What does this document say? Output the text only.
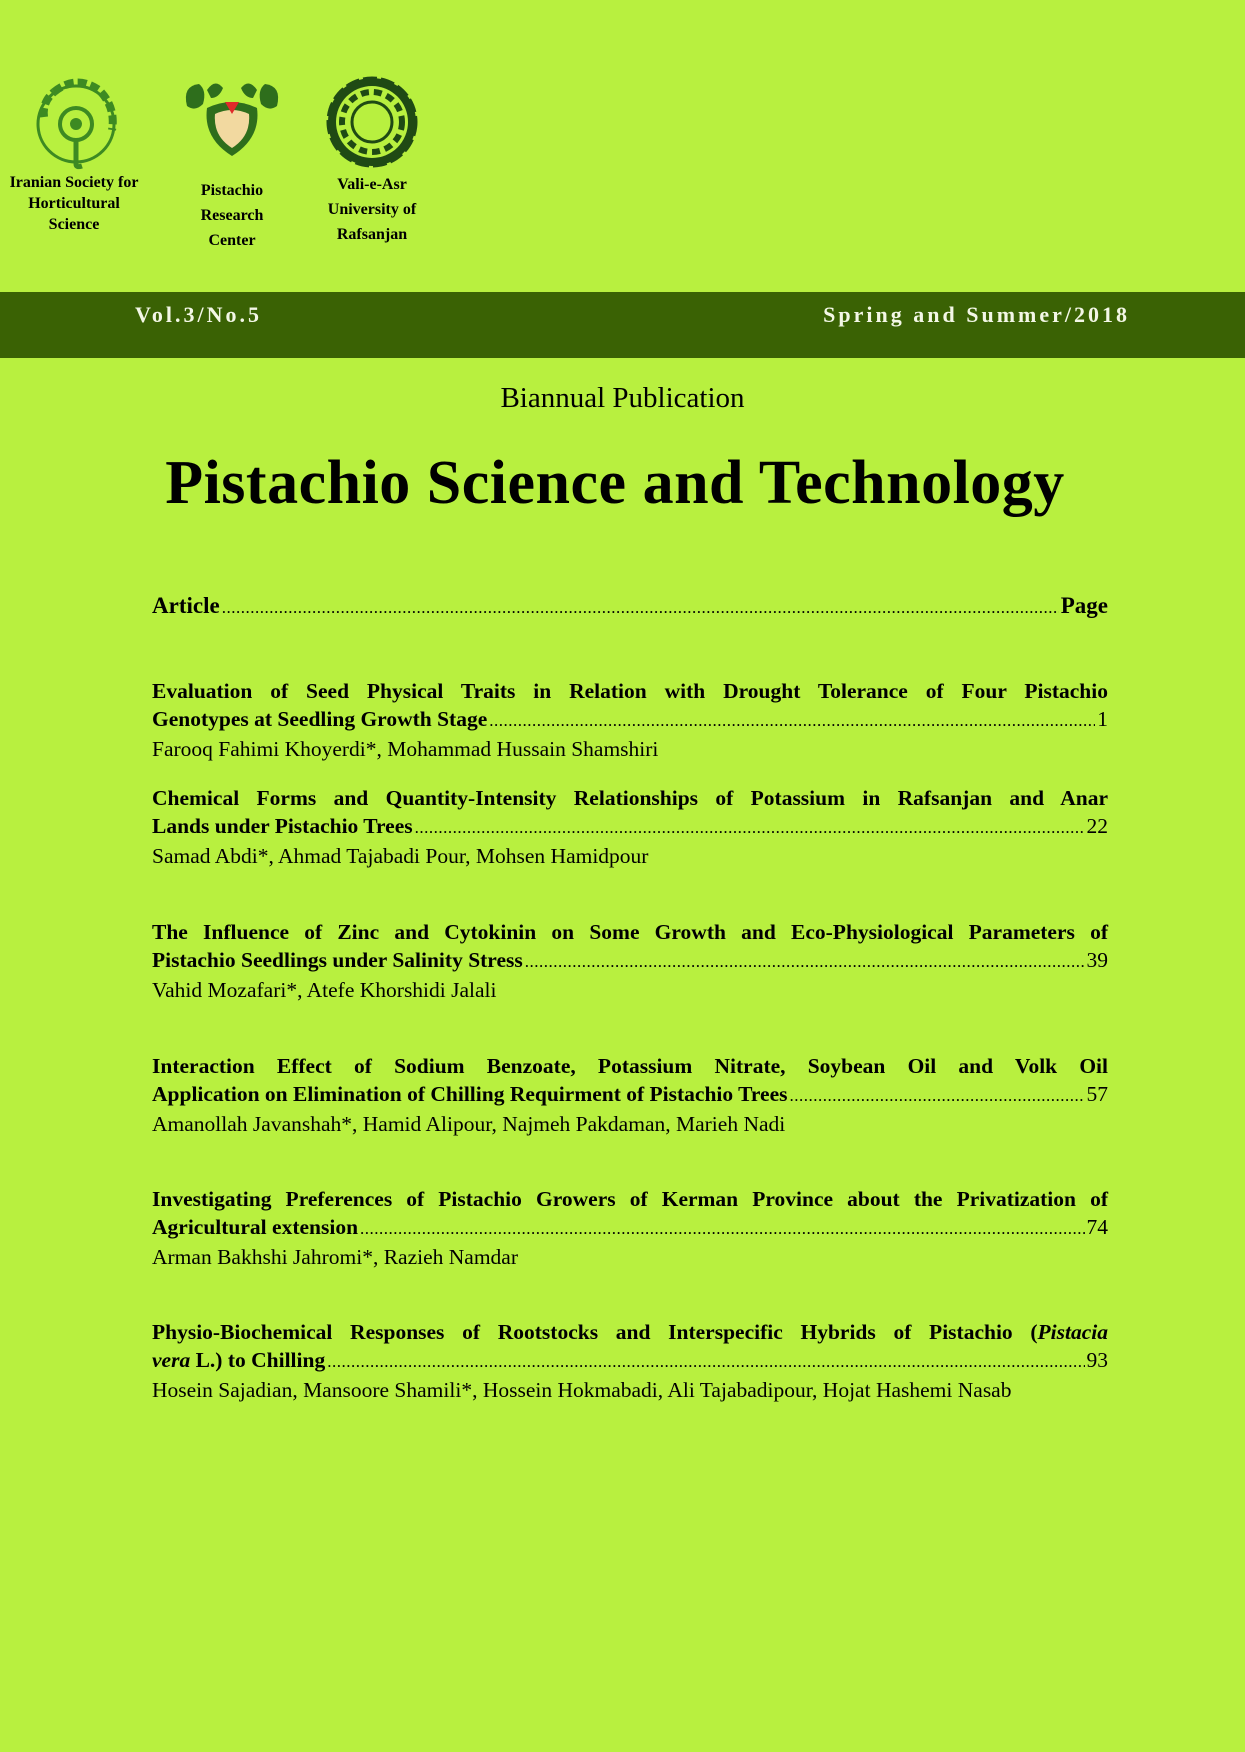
Iranian Society for
Horticultural
Science
Pistachio
Research
Center
Vali-e-Asr
University of
Rafsanjan
Vol.3/No.5	Spring and Summer/2018
Biannual Publication
Pistachio Science and Technology
Article .....	Page
Evaluation of Seed Physical Traits in Relation with Drought Tolerance of Four Pistachio
Genotypes at Seedling Growth Stage .....	1
Farooq Fahimi Khoyerdi*, Mohammad Hussain Shamshiri
Chemical Forms and Quantity-Intensity Relationships of Potassium in Rafsanjan and Anar
Lands under Pistachio Trees .....	22
Samad Abdi*, Ahmad Tajabadi Pour, Mohsen Hamidpour
The Influence of Zinc and Cytokinin on Some Growth and Eco-Physiological Parameters of
Pistachio Seedlings under Salinity Stress .....	39
Vahid Mozafari*, Atefe Khorshidi Jalali
Interaction Effect of Sodium Benzoate, Potassium Nitrate, Soybean Oil and Volk Oil
Application on Elimination of Chilling Requirment of Pistachio Trees .....	57
Amanollah Javanshah*, Hamid Alipour, Najmeh Pakdaman, Marieh Nadi
Investigating Preferences of Pistachio Growers of Kerman Province about the Privatization of
Agricultural extension .....	74
Arman Bakhshi Jahromi*, Razieh Namdar
Physio-Biochemical Responses of Rootstocks and Interspecific Hybrids of Pistachio (Pistacia
vera L.) to Chilling .....	93
Hosein Sajadian, Mansoore Shamili*, Hossein Hokmabadi, Ali Tajabadipour, Hojat Hashemi Nasab
